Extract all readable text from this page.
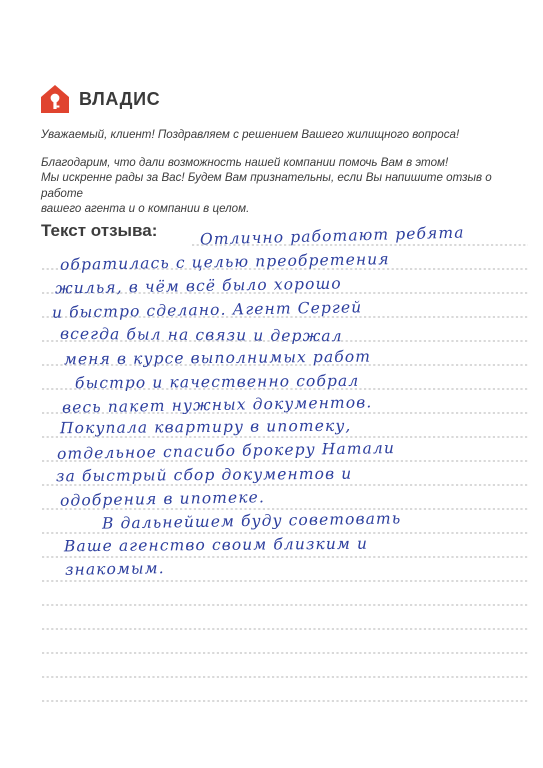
ВЛАДИС

Уважаемый, клиент! Поздравляем с решением Вашего жилищного вопроса!

Благодарим, что дали возможность нашей компании помочь Вам в этом!

Мы искренне рады за Вас! Будем Вам признательны, если Вы напишите отзыв о работе

вашего агента и о компании в целом.

Текст отзыва:	Отлично работают ребята
обратилась с целью преобретения
жилья, в чём всё было хорошо
и быстро сделано. Агент Сергей
всегда был на связи и держал
меня в курсе выполнимых работ
быстро и качественно собрал
весь пакет нужных документов.
Покупала квартиру в ипотеку,
отдельное спасибо брокеру Натали
за быстрый сбор документов и
одобрения в ипотеке.
В дальнейшем буду советовать
Ваше агенство своим близким и
знакомым.
